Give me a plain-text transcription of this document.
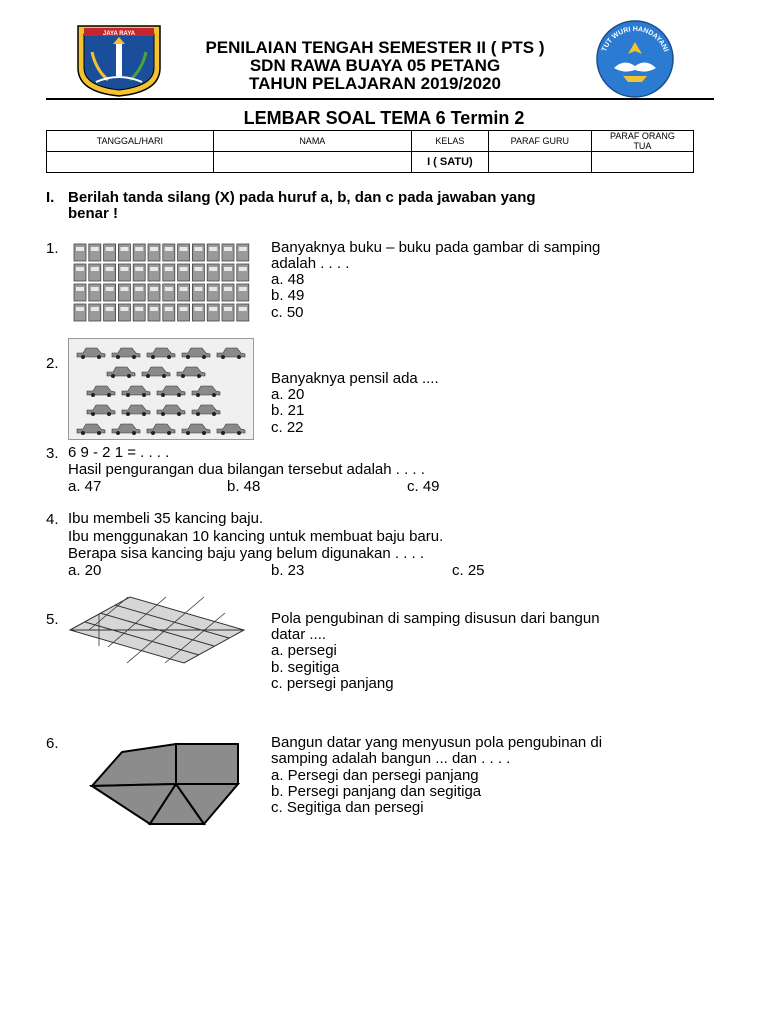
JAYA RAYA
TUT WURI HANDAYANI
PENILAIAN TENGAH SEMESTER II ( PTS )
SDN RAWA BUAYA 05 PETANG
TAHUN PELAJARAN 2019/2020
LEMBAR SOAL TEMA 6 Termin 2
TANGGAL/HARI	NAMA	KELAS	PARAF GURU	PARAF ORANG TUA
		I ( SATU)		
I. Berilah tanda silang (X) pada huruf a, b, dan c pada jawaban yang
benar !
1.	Banyaknya buku – buku pada gambar di samping
adalah . . . .
a. 48
b. 49
c. 50
2.
Banyaknya pensil ada ....
a. 20
b. 21
c. 22
3. 6 9 - 2 1 = . . . .
Hasil pengurangan dua bilangan tersebut adalah . . . .
a. 47	b. 48	c. 49
4. Ibu membeli 35 kancing baju.
Ibu menggunakan 10 kancing untuk membuat baju baru.
Berapa sisa kancing baju yang belum digunakan . . . .
a. 20	b. 23	c. 25
5.	Pola pengubinan di samping disusun dari bangun
datar ....
a. persegi
b. segitiga
c. persegi panjang
6.	Bangun datar yang menyusun pola pengubinan di
samping adalah bangun ... dan . . . .
a. Persegi dan persegi panjang
b. Persegi panjang dan segitiga
c. Segitiga dan persegi
